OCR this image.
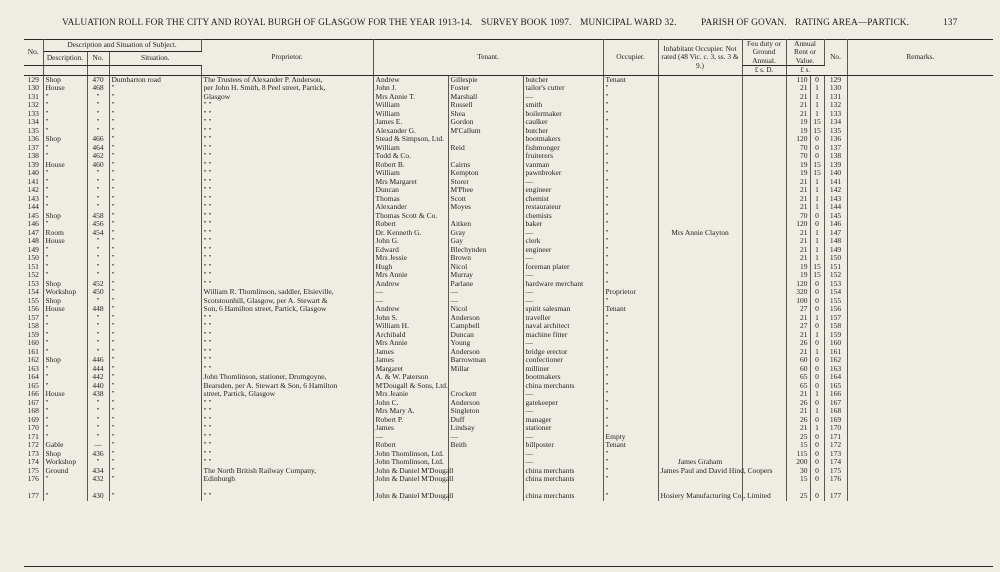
VALUATION ROLL FOR THE CITY AND ROYAL BURGH OF GLASGOW FOR THE YEAR 1913-14. SURVEY BOOK 1097. MUNICIPAL WARD 32.	PARISH OF GOVAN. RATING AREA—PARTICK.	137
No.	Description and Situation of Subject.			Proprietor.	Tenant.			Occupier.	Inhabitant Occupier. Not rated (48 Vic. c. 3, ss. 3 & 9.)	Feu duty or Ground Annual.	Annual Rent or Value.		No.	Remarks.
	Description.	No.	Situation.											
										£ s. D.	£ s.			
129	Shop	470	Dumbarton road	The Trustees of Alexander P. Anderson,	Andrew	Gillespie	butcher	Tenant			110	0	129	
130	House	468	"	per John H. Smith, 8 Peel street, Partick,	John J.	Foster	tailor's cutter	"			21	1	130	
131	"	"	"	Glasgow	Mrs Annie T.	Marshall	—	"			21	1	131	
132	"	"	"	" "	William	Russell	smith	"			21	1	132	
133	"	"	"	" "	William	Shea	boilermaker	"			21	1	133	
134	"	"	"	" "	James E.	Gordon	caulker	"			19	15	134	
135	"	"	"	" "	Alexander G.	M'Callum	butcher	"			19	15	135	
136	Shop	466	"	" "	Stead & Simpson, Ltd.		bootmakers	"			120	0	136	
137	"	464	"	" "	William	Reid	fishmonger	"			70	0	137	
138	"	462	"	" "	Todd & Co.		fruiterers	"			70	0	138	
139	House	460	"	" "	Robert B.	Cairns	vanman	"			19	15	139	
140	"	"	"	" "	William	Kempton	pawnbroker	"			19	15	140	
141	"	"	"	" "	Mrs Margaret	Storer	—	"			21	1	141	
142	"	"	"	" "	Duncan	M'Phee	engineer	"			21	1	142	
143	"	"	"	" "	Thomas	Scott	chemist	"			21	1	143	
144	"	"	"	" "	Alexander	Moyes	restaurateur	"			21	1	144	
145	Shop	458	"	" "	Thomas Scott & Co.		chemists	"			70	0	145	
146	"	456	"	" "	Robert	Aitken	baker	"			120	0	146	
147	Room	454	"	" "	Dr. Kenneth G.	Gray	—	"	Mrs Annie Clayton		21	1	147	
148	House	"	"	" "	John G.	Gay	clerk	"			21	1	148	
149	"	"	"	" "	Edward	Blechynden	engineer	"			21	1	149	
150	"	"	"	" "	Mrs Jessie	Brown	—	"			21	1	150	
151	"	"	"	" "	Hugh	Nicol	foreman plater	"			19	15	151	
152	"	"	"	" "	Mrs Annie	Murray	—	"			19	15	152	
153	Shop	452	"	" "	Andrew	Parlane	hardware merchant	"			120	0	153	
154	Workshop	450	"	William R. Thomlinson, saddler, Elsieville,	—	—	—	Proprietor			320	0	154	
155	Shop	"	"	Scotstounhill, Glasgow, per A. Stewart &	—	—	—	"			100	0	155	
156	House	448	"	Son, 6 Hamilton street, Partick, Glasgow	Andrew	Nicol	spirit salesman	Tenant			27	0	156	
157	"	"	"	" "	John S.	Anderson	traveller	"			21	1	157	
158	"	"	"	" "	William H.	Campbell	naval architect	"			27	0	158	
159	"	"	"	" "	Archibald	Duncan	machine fitter	"			21	1	159	
160	"	"	"	" "	Mrs Annie	Young	—	"			26	0	160	
161	"	"	"	" "	James	Anderson	bridge erector	"			21	1	161	
162	Shop	446	"	" "	James	Barrowman	confectioner	"			60	0	162	
163	"	444	"	" "	Margaret	Millar	milliner	"			60	0	163	
164	"	442	"	John Thomlinson, stationer, Drumgoyne,	A. & W. Paterson		bootmakers	"			65	0	164	
165	"	440	"	Bearsden, per A. Stewart & Son, 6 Hamilton	M'Dougall & Sons, Ltd.		china merchants	"			65	0	165	
166	House	438	"	street, Partick, Glasgow	Mrs Jeanie	Crockett	—	"			21	1	166	
167	"	"	"	" "	John C.	Anderson	gatekeeper	"			26	0	167	
168	"	"	"	" "	Mrs Mary A.	Singleton	—	"			21	1	168	
169	"	"	"	" "	Robert P.	Duff	manager	"			26	0	169	
170	"	"	"	" "	James	Lindsay	stationer	"			21	1	170	
171	"	"	"	" "	—	—	—	Empty			25	0	171	
172	Gable	—	"	" "	Robert	Beith	billposter	Tenant			15	0	172	
173	Shop	436	"	" "	John Thomlinson, Ltd.		—	"			115	0	173	
174	Workshop	"	"	" "	John Thomlinson, Ltd.		—	"	James Graham		200	0	174	
175	Ground	434	"	The North British Railway Company,	John & Daniel M'Dougall		china merchants	"	James Paul and David Hind, Coopers		30	0	175	
176	"	432	"	Edinburgh	John & Daniel M'Dougall		china merchants	"			15	0	176	

177	"	430	"	" "	John & Daniel M'Dougall		china merchants	"	Hosiery Manufacturing Co., Limited		25	0	177	
